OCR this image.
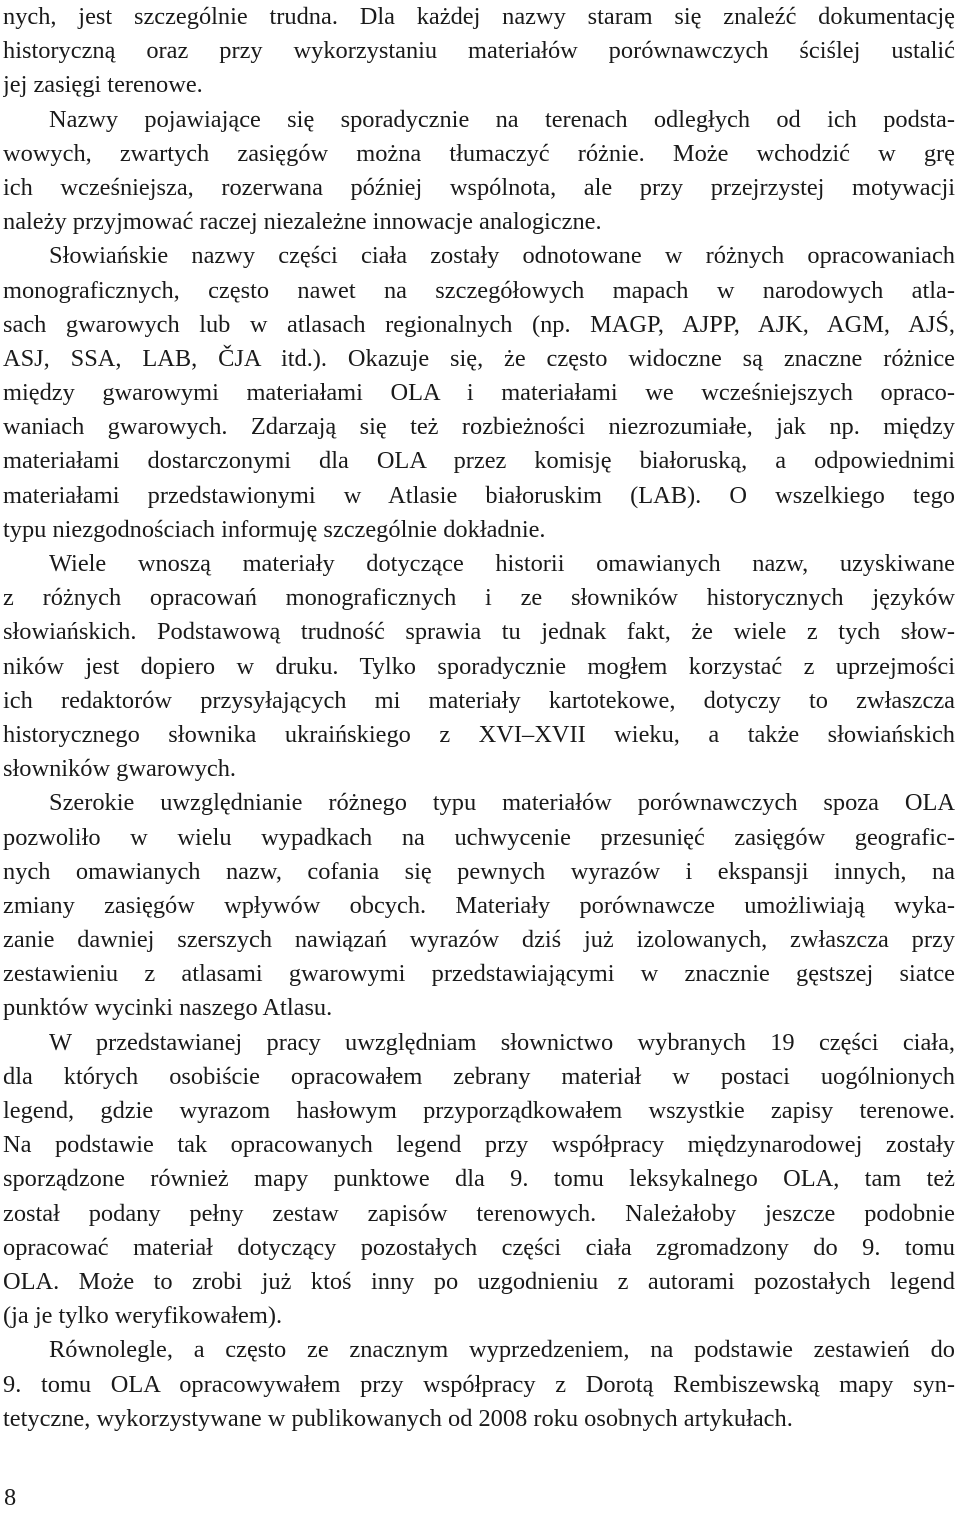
nych, jest szczególnie trudna. Dla każdej nazwy staram się znaleźć dokumentację
historyczną oraz przy wykorzystaniu materiałów porównawczych ściślej ustalić
jej zasięgi terenowe.
Nazwy pojawiające się sporadycznie na terenach odległych od ich podsta-
wowych, zwartych zasięgów można tłumaczyć różnie. Może wchodzić w grę
ich wcześniejsza, rozerwana później wspólnota, ale przy przejrzystej motywacji
należy przyjmować raczej niezależne innowacje analogiczne.
Słowiańskie nazwy części ciała zostały odnotowane w różnych opracowaniach
monograficznych, często nawet na szczegółowych mapach w narodowych atla-
sach gwarowych lub w atlasach regionalnych (np. MAGP, AJPP, AJK, AGM, AJŚ,
ASJ, SSA, LAB, ČJA itd.). Okazuje się, że często widoczne są znaczne różnice
między gwarowymi materiałami OLA i materiałami we wcześniejszych opraco-
waniach gwarowych. Zdarzają się też rozbieżności niezrozumiałe, jak np. między
materiałami dostarczonymi dla OLA przez komisję białoruską, a odpowiednimi
materiałami przedstawionymi w Atlasie białoruskim (LAB). O wszelkiego tego
typu niezgodnościach informuję szczególnie dokładnie.
Wiele wnoszą materiały dotyczące historii omawianych nazw, uzyskiwane
z różnych opracowań monograficznych i ze słowników historycznych języków
słowiańskich. Podstawową trudność sprawia tu jednak fakt, że wiele z tych słow-
ników jest dopiero w druku. Tylko sporadycznie mogłem korzystać z uprzejmości
ich redaktorów przysyłających mi materiały kartotekowe, dotyczy to zwłaszcza
historycznego słownika ukraińskiego z XVI–XVII wieku, a także słowiańskich
słowników gwarowych.
Szerokie uwzględnianie różnego typu materiałów porównawczych spoza OLA
pozwoliło w wielu wypadkach na uchwycenie przesunięć zasięgów geografic-
nych omawianych nazw, cofania się pewnych wyrazów i ekspansji innych, na
zmiany zasięgów wpływów obcych. Materiały porównawcze umożliwiają wyka-
zanie dawniej szerszych nawiązań wyrazów dziś już izolowanych, zwłaszcza przy
zestawieniu z atlasami gwarowymi przedstawiającymi w znacznie gęstszej siatce
punktów wycinki naszego Atlasu.
W przedstawianej pracy uwzględniam słownictwo wybranych 19 części ciała,
dla których osobiście opracowałem zebrany materiał w postaci uogólnionych
legend, gdzie wyrazom hasłowym przyporządkowałem wszystkie zapisy terenowe.
Na podstawie tak opracowanych legend przy współpracy międzynarodowej zostały
sporządzone również mapy punktowe dla 9. tomu leksykalnego OLA, tam też
został podany pełny zestaw zapisów terenowych. Należałoby jeszcze podobnie
opracować materiał dotyczący pozostałych części ciała zgromadzony do 9. tomu
OLA. Może to zrobi już ktoś inny po uzgodnieniu z autorami pozostałych legend
(ja je tylko weryfikowałem).
Równolegle, a często ze znacznym wyprzedzeniem, na podstawie zestawień do
9. tomu OLA opracowywałem przy współpracy z Dorotą Rembiszewską mapy syn-
tetyczne, wykorzystywane w publikowanych od 2008 roku osobnych artykułach.
8
